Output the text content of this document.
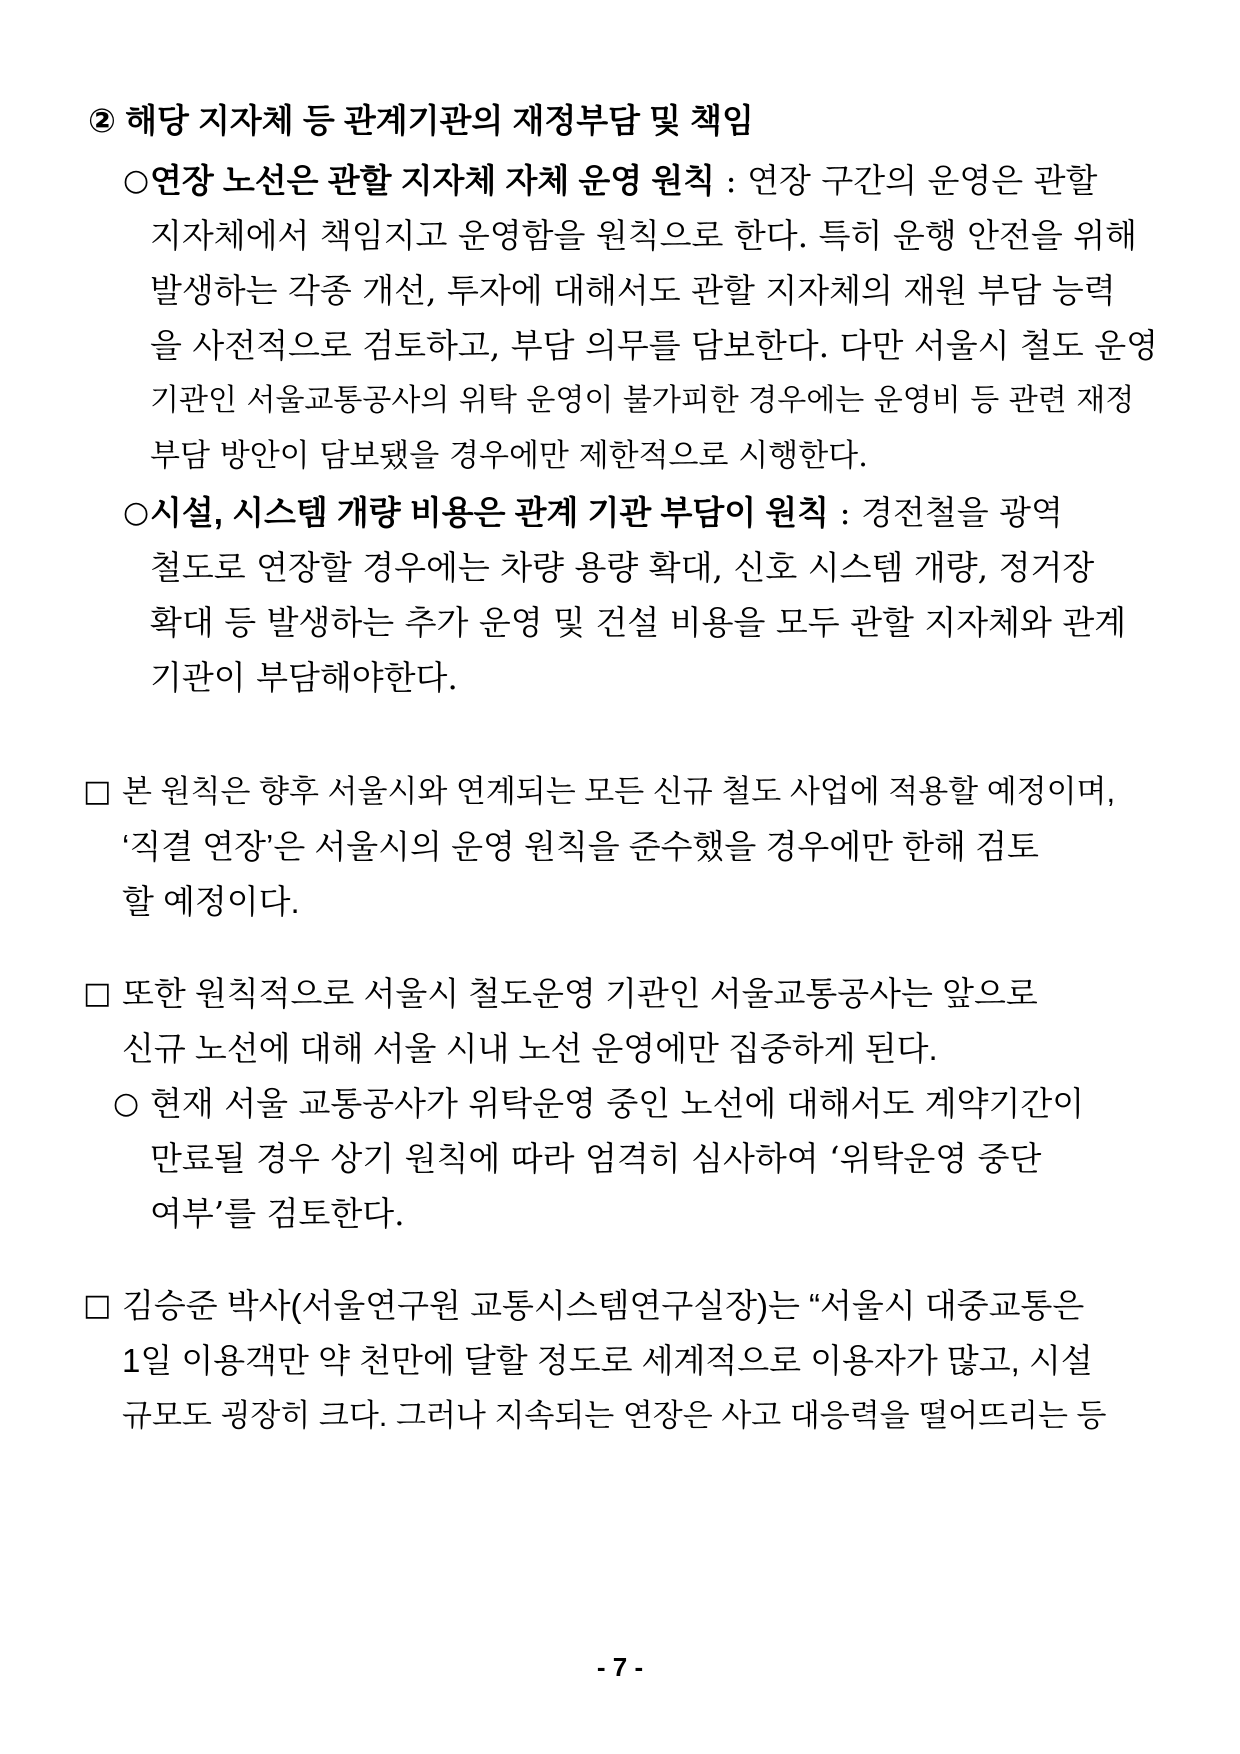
② 해당 지자체 등 관계기관의 재정부담 및 책임
○ 연장 노선은 관할 지자체 자체 운영 원칙 : 연장 구간의 운영은 관할
지자체에서 책임지고 운영함을 원칙으로 한다. 특히 운행 안전을 위해
발생하는 각종 개선, 투자에 대해서도 관할 지자체의 재원 부담 능력
을 사전적으로 검토하고, 부담 의무를 담보한다. 다만 서울시 철도 운영
기관인 서울교통공사의 위탁 운영이 불가피한 경우에는 운영비 등 관련 재정
부담 방안이 담보됐을 경우에만 제한적으로 시행한다.
○ 시설, 시스템 개량 비용은 관계 기관 부담이 원칙 : 경전철을 광역
철도로 연장할 경우에는 차량 용량 확대, 신호 시스템 개량, 정거장
확대 등 발생하는 추가 운영 및 건설 비용을 모두 관할 지자체와 관계
기관이 부담해야한다.
□ 본 원칙은 향후 서울시와 연계되는 모든 신규 철도 사업에 적용할 예정이며,
‘직결 연장’은 서울시의 운영 원칙을 준수했을 경우에만 한해 검토
할 예정이다.
□ 또한 원칙적으로 서울시 철도운영 기관인 서울교통공사는 앞으로
신규 노선에 대해 서울 시내 노선 운영에만 집중하게 된다.
○ 현재 서울 교통공사가 위탁운영 중인 노선에 대해서도 계약기간이
만료될 경우 상기 원칙에 따라 엄격히 심사하여 ‘위탁운영 중단
여부’를 검토한다.
□ 김승준 박사(서울연구원 교통시스템연구실장)는 “서울시 대중교통은
1일 이용객만 약 천만에 달할 정도로 세계적으로 이용자가 많고, 시설
규모도 굉장히 크다. 그러나 지속되는 연장은 사고 대응력을 떨어뜨리는 등
- 7 -
